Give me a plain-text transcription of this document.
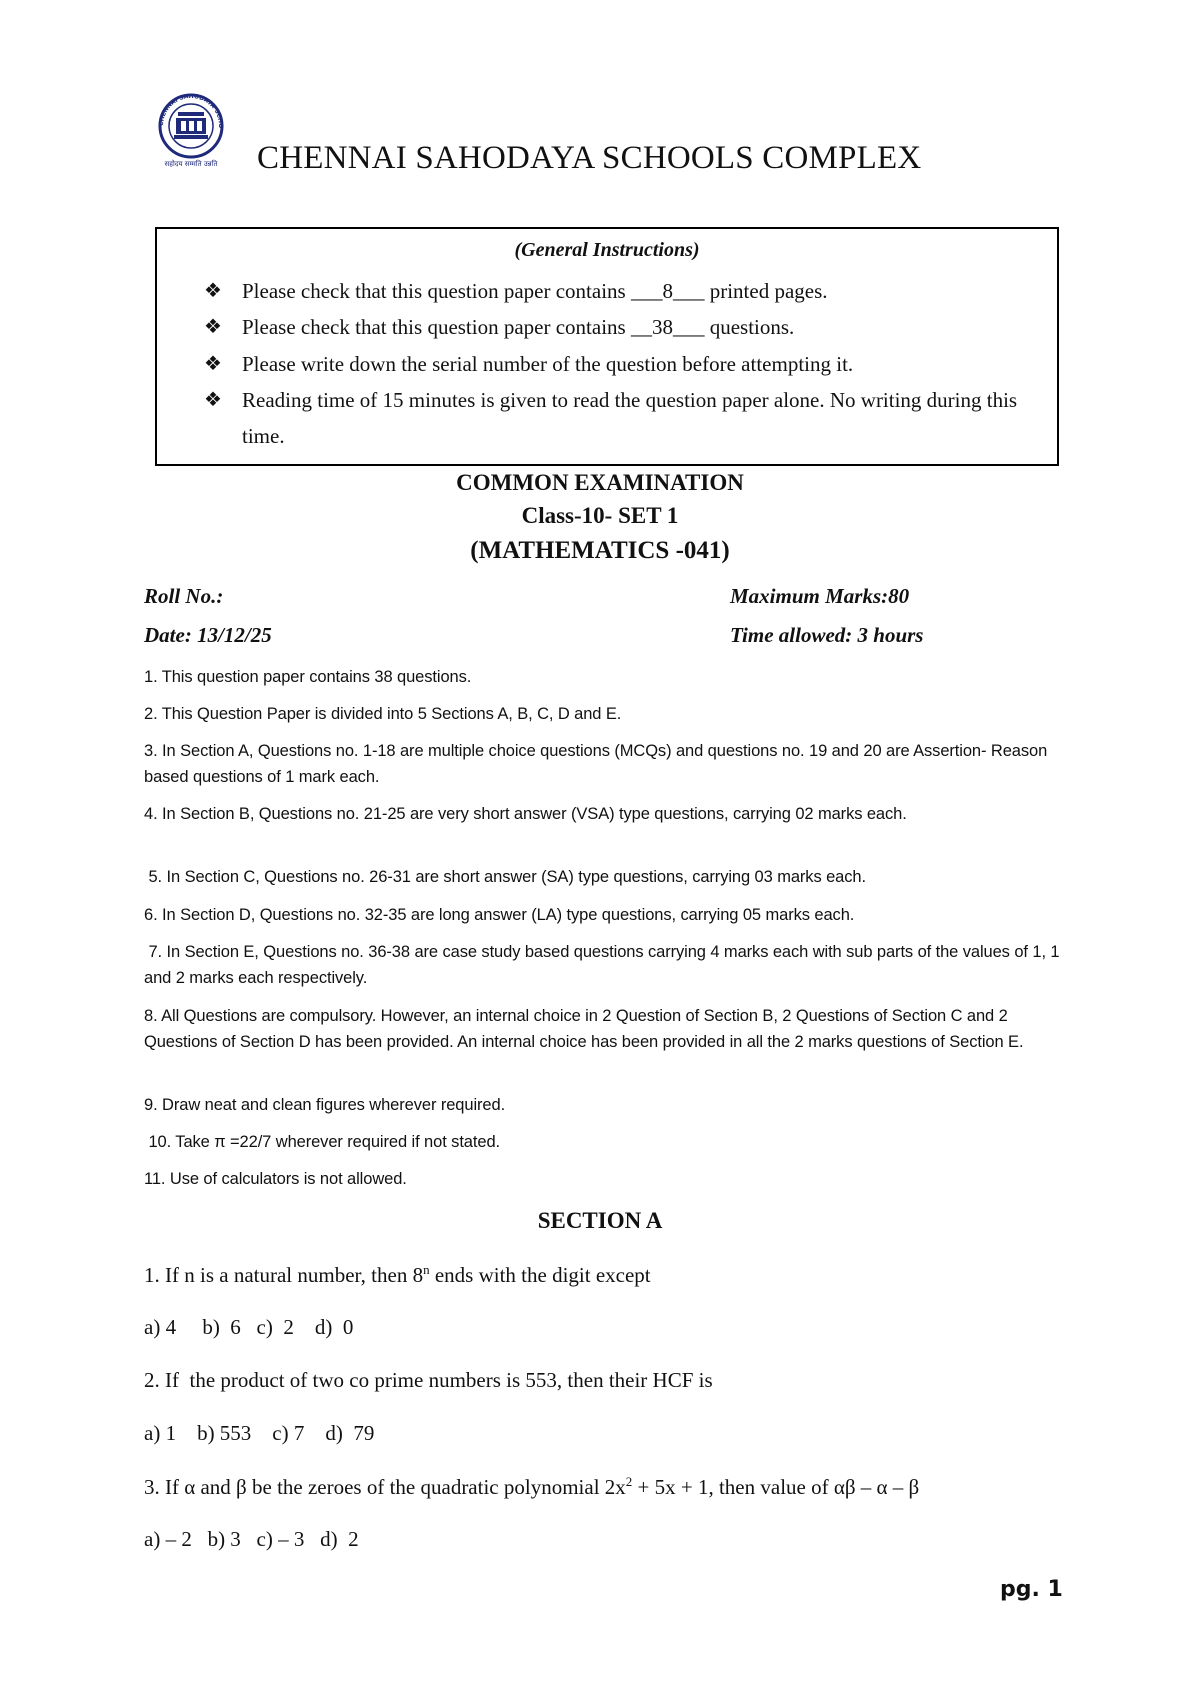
CHENNAI SAHODAYA SCHO
सहोदय सम्मति उन्नति CHENNAI SAHODAYA SCHOOLS COMPLEX
(General Instructions)
❖ Please check that this question paper contains ___8___ printed pages.
❖ Please check that this question paper contains __38___ questions.
❖ Please write down the serial number of the question before attempting it.
❖ Reading time of 15 minutes is given to read the question paper alone. No writing during this time.
COMMON EXAMINATION
Class-10- SET 1
(MATHEMATICS -041)
Roll No.:	Maximum Marks:80
Date: 13/12/25	Time allowed: 3 hours
1. This question paper contains 38 questions.
2. This Question Paper is divided into 5 Sections A, B, C, D and E.
3. In Section A, Questions no. 1-18 are multiple choice questions (MCQs) and questions no. 19 and 20 are Assertion- Reason based questions of 1 mark each.
4. In Section B, Questions no. 21-25 are very short answer (VSA) type questions, carrying 02 marks each.
5. In Section C, Questions no. 26-31 are short answer (SA) type questions, carrying 03 marks each.
6. In Section D, Questions no. 32-35 are long answer (LA) type questions, carrying 05 marks each.
7. In Section E, Questions no. 36-38 are case study based questions carrying 4 marks each with sub parts of the values of 1, 1 and 2 marks each respectively.
8. All Questions are compulsory. However, an internal choice in 2 Question of Section B, 2 Questions of Section C and 2 Questions of Section D has been provided. An internal choice has been provided in all the 2 marks questions of Section E.
9. Draw neat and clean figures wherever required.
10. Take π =22/7 wherever required if not stated.
11. Use of calculators is not allowed.
SECTION A
1. If n is a natural number, then 8$^n$ ends with the digit except
a) 4     b)  6   c)  2    d)  0
2. If  the product of two co prime numbers is 553, then their HCF is
a) 1    b) 553    c) 7    d)  79
3. If α and β be the zeroes of the quadratic polynomial $2x^2 + 5x + 1$, then value of αβ – α – β
a) – 2   b) 3   c) – 3   d)  2
pg. 1
